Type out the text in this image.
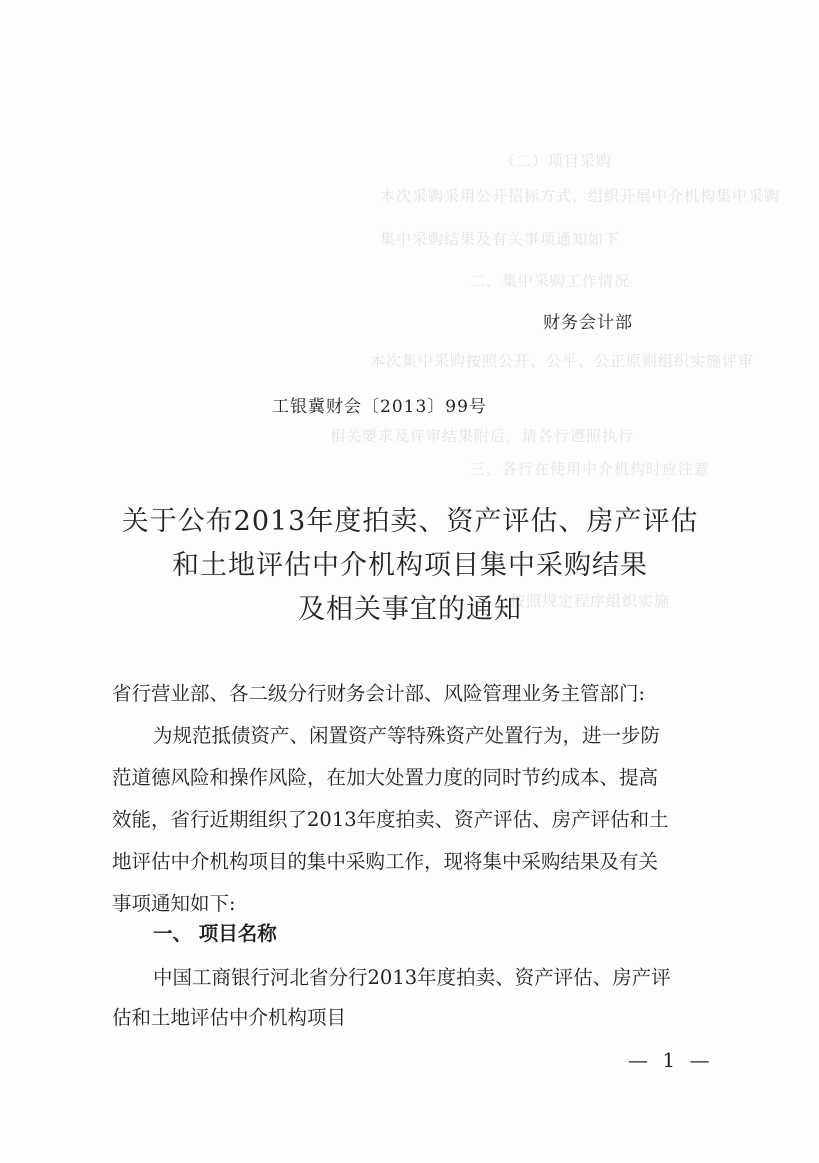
（二）项目采购
本次采购采用公开招标方式，组织开展中介机构集中采购
集中采购结果及有关事项通知如下
二、集中采购工作情况
本次集中采购按照公开、公平、公正原则组织实施评审
相关要求及评审结果附后，请各行遵照执行
三、各行在使用中介机构时应注意
按照规定程序组织实施
财务会计部
工银冀财会〔2013〕99号
关于公布2013年度拍卖、资产评估、房产评估
和土地评估中介机构项目集中采购结果
及相关事宜的通知
省行营业部、各二级分行财务会计部、风险管理业务主管部门:
为规范抵债资产、闲置资产等特殊资产处置行为，进一步防
范道德风险和操作风险，在加大处置力度的同时节约成本、提高
效能，省行近期组织了2013年度拍卖、资产评估、房产评估和土
地评估中介机构项目的集中采购工作，现将集中采购结果及有关
事项通知如下:
一、 项目名称
中国工商银行河北省分行2013年度拍卖、资产评估、房产评
估和土地评估中介机构项目
— 1 —
